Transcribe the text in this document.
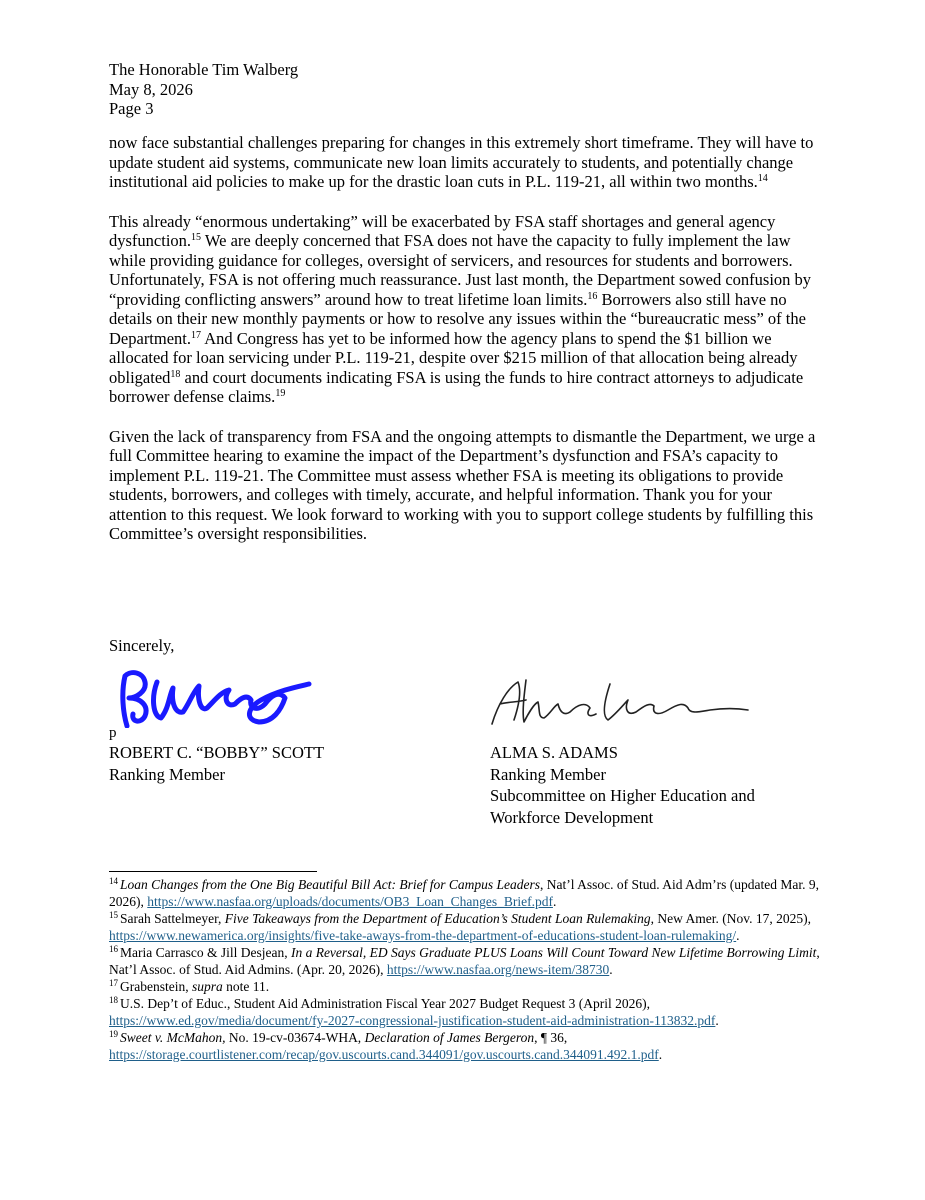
The Honorable Tim Walberg
May 8, 2026
Page 3

now face substantial challenges preparing for changes in this extremely short timeframe. They will have to update student aid systems, communicate new loan limits accurately to students, and potentially change institutional aid policies to make up for the drastic loan cuts in P.L. 119-21, all within two months.$^{14}$

This already “enormous undertaking” will be exacerbated by FSA staff shortages and general agency dysfunction.$^{15}$ We are deeply concerned that FSA does not have the capacity to fully implement the law while providing guidance for colleges, oversight of servicers, and resources for students and borrowers. Unfortunately, FSA is not offering much reassurance. Just last month, the Department sowed confusion by “providing conflicting answers” around how to treat lifetime loan limits.$^{16}$ Borrowers also still have no details on their new monthly payments or how to resolve any issues within the “bureaucratic mess” of the Department.$^{17}$ And Congress has yet to be informed how the agency plans to spend the $1 billion we allocated for loan servicing under P.L. 119-21, despite over $215 million of that allocation being already obligated$^{18}$ and court documents indicating FSA is using the funds to hire contract attorneys to adjudicate borrower defense claims.$^{19}$

Given the lack of transparency from FSA and the ongoing attempts to dismantle the Department, we urge a full Committee hearing to examine the impact of the Department’s dysfunction and FSA’s capacity to implement P.L. 119-21. The Committee must assess whether FSA is meeting its obligations to provide students, borrowers, and colleges with timely, accurate, and helpful information. Thank you for your attention to this request. We look forward to working with you to support college students by fulfilling this Committee’s oversight responsibilities.

Sincerely,
p
ROBERT C. “BOBBY” SCOTT
Ranking Member
ALMA S. ADAMS
Ranking Member
Subcommittee on Higher Education and
Workforce Development

$^{14}$ Loan Changes from the One Big Beautiful Bill Act: Brief for Campus Leaders, Nat’l Assoc. of Stud. Aid Adm’rs (updated Mar. 9, 2026), https://www.nasfaa.org/uploads/documents/OB3_Loan_Changes_Brief.pdf.

$^{15}$ Sarah Sattelmeyer, Five Takeaways from the Department of Education’s Student Loan Rulemaking, New Amer. (Nov. 17, 2025), https://www.newamerica.org/insights/five-take-aways-from-the-department-of-educations-student-loan-rulemaking/.

$^{16}$ Maria Carrasco & Jill Desjean, In a Reversal, ED Says Graduate PLUS Loans Will Count Toward New Lifetime Borrowing Limit, Nat’l Assoc. of Stud. Aid Admins. (Apr. 20, 2026), https://www.nasfaa.org/news-item/38730.

$^{17}$ Grabenstein, supra note 11.

$^{18}$ U.S. Dep’t of Educ., Student Aid Administration Fiscal Year 2027 Budget Request 3 (April 2026), https://www.ed.gov/media/document/fy-2027-congressional-justification-student-aid-administration-113832.pdf.

$^{19}$ Sweet v. McMahon, No. 19-cv-03674-WHA, Declaration of James Bergeron, ¶ 36, https://storage.courtlistener.com/recap/gov.uscourts.cand.344091/gov.uscourts.cand.344091.492.1.pdf.
